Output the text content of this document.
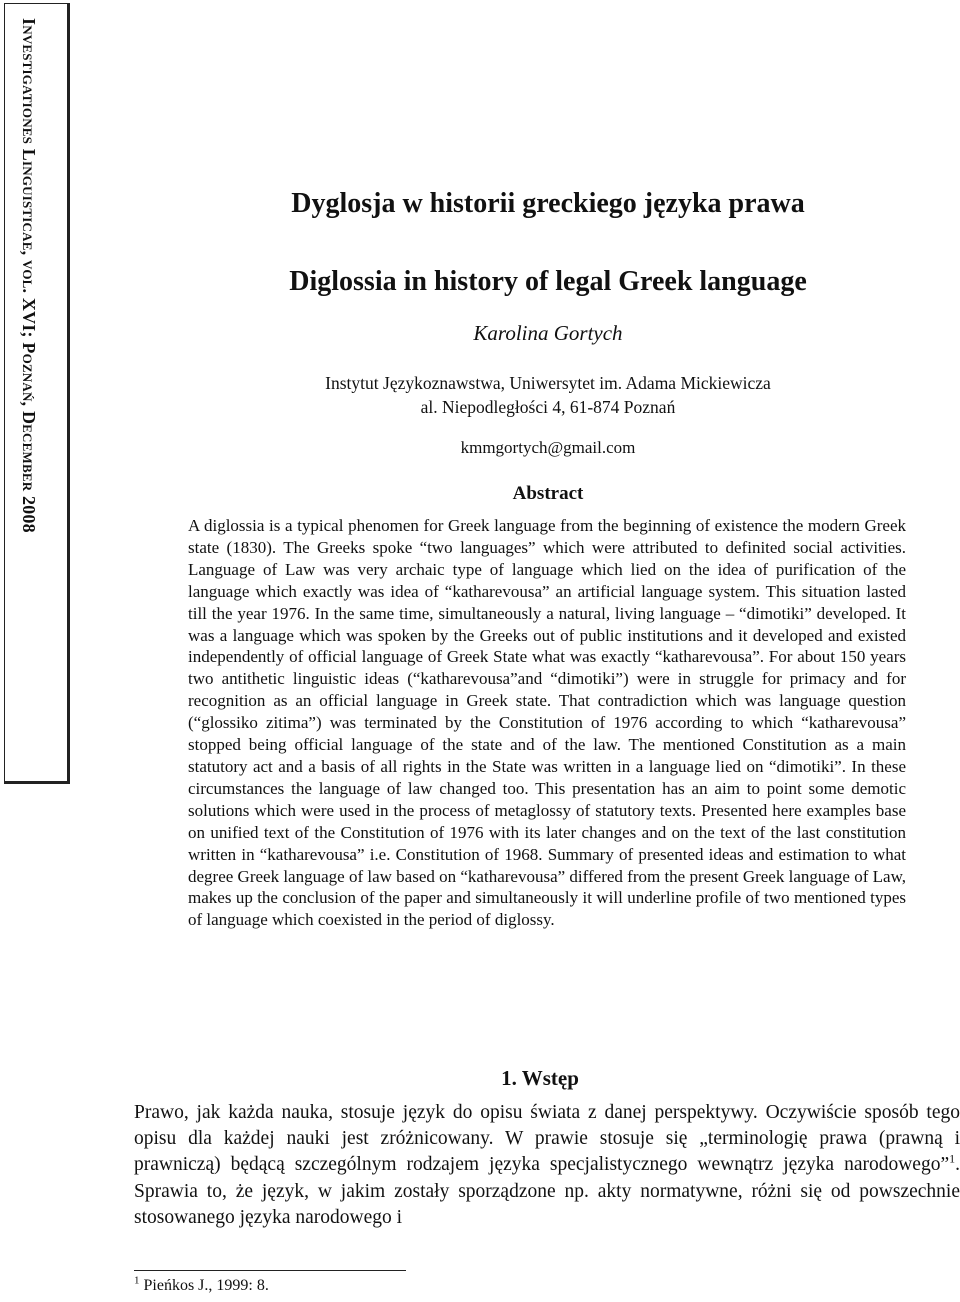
Investigationes Linguisticae, vol. XVI; Poznań, December 2008	Dyglosja w historii greckiego języka prawa
Diglossia in history of legal Greek language

Karolina Gortych

Instytut Językoznawstwa, Uniwersytet im. Adama Mickiewicza
al. Niepodległości 4, 61-874 Poznań

kmmgortych@gmail.com

Abstract

A diglossia is a typical phenomen for Greek language from the beginning of existence the modern Greek state (1830). The Greeks spoke “two languages” which were attributed to definited social activities. Language of Law was very archaic type of language which lied on the idea of purification of the language which exactly was idea of “katharevousa” an artificial language system. This situation lasted till the year 1976. In the same time, simultaneously a natural, living language – “dimotiki” developed. It was a language which was spoken by the Greeks out of public institutions and it developed and existed independently of official language of Greek State what was exactly “katharevousa”. For about 150 years two antithetic linguistic ideas (“katharevousa”and “dimotiki”) were in struggle for primacy and for recognition as an official language in Greek state. That contradiction which was language question (“glossiko zitima”) was terminated by the Constitution of 1976 according to which “katharevousa” stopped being official language of the state and of the law. The mentioned Constitution as a main statutory act and a basis of all rights in the State was written in a language lied on “dimotiki”. In these circumstances the language of law changed too. This presentation has an aim to point some demotic solutions which were used in the process of metaglossy of statutory texts. Presented here examples base on unified text of the Constitution of 1976 with its later changes and on the text of the last constitution written in “katharevousa” i.e. Constitution of 1968. Summary of presented ideas and estimation to what degree Greek language of law based on “katharevousa” differed from the present Greek language of Law, makes up the conclusion of the paper and simultaneously it will underline profile of two mentioned types of language which coexisted in the period of diglossy.

1. Wstęp

Prawo, jak każda nauka, stosuje język do opisu świata z danej perspektywy. Oczywiście sposób tego opisu dla każdej nauki jest zróżnicowany. W prawie stosuje się „terminologię prawa (prawną i prawniczą) będącą szczególnym rodzajem języka specjalistycznego wewnątrz języka narodowego”$^1$. Sprawia to, że język, w jakim zostały sporządzone np. akty normatywne, różni się od powszechnie stosowanego języka narodowego i

$^1$ Pieńkos J., 1999: 8.
